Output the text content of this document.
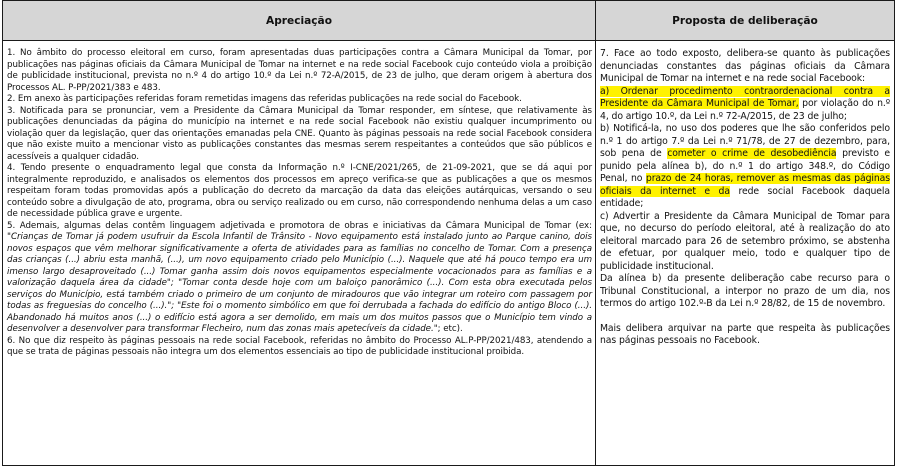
Apreciação	Proposta de deliberação

1. No âmbito do processo eleitoral em curso, foram apresentadas duas participações contra a Câmara Municipal da Tomar, por publicações nas páginas oficiais da Câmara Municipal de Tomar na internet e na rede social Facebook cujo conteúdo viola a proibição de publicidade institucional, prevista no n.º 4 do artigo 10.º da Lei n.º 72-A/2015, de 23 de julho, que deram origem à abertura dos Processos AL. P-PP/2021/383 e 483.

2. Em anexo às participações referidas foram remetidas imagens das referidas publicações na rede social do Facebook.

3. Notificada para se pronunciar, vem a Presidente da Câmara Municipal da Tomar responder, em síntese, que relativamente às publicações denunciadas da página do município na internet e na rede social Facebook não existiu qualquer incumprimento ou violação quer da legislação, quer das orientações emanadas pela CNE. Quanto às páginas pessoais na rede social Facebook considera que não existe muito a mencionar visto as publicações constantes das mesmas serem respeitantes a conteúdos que são públicos e acessíveis a qualquer cidadão.

4. Tendo presente o enquadramento legal que consta da Informação n.º I-CNE/2021/265, de 21-09-2021, que se dá aqui por integralmente reproduzido, e analisados os elementos dos processos em apreço verifica-se que as publicações a que os mesmos respeitam foram todas promovidas após a publicação do decreto da marcação da data das eleições autárquicas, versando o seu conteúdo sobre a divulgação de ato, programa, obra ou serviço realizado ou em curso, não correspondendo nenhuma delas a um caso de necessidade pública grave e urgente.

5. Ademais, algumas delas contêm linguagem adjetivada e promotora de obras e iniciativas da Câmara Municipal de Tomar (ex: "Crianças de Tomar já podem usufruir da Escola Infantil de Trânsito - Novo equipamento está instalado junto ao Parque canino, dois novos espaços que vêm melhorar significativamente a oferta de atividades para as famílias no concelho de Tomar. Com a presença das crianças (...) abriu esta manhã, (...), um novo equipamento criado pelo Município (...). Naquele que até há pouco tempo era um imenso largo desaproveitado (...) Tomar ganha assim dois novos equipamentos especialmente vocacionados para as famílias e a valorização daquela área da cidade"; "Tomar conta desde hoje com um baloiço panorâmico (...). Com esta obra executada pelos serviços do Município, está também criado o primeiro de um conjunto de miradouros que vão integrar um roteiro com passagem por todas as freguesias do concelho (...)."; "Este foi o momento simbólico em que foi derrubada a fachada do edifício do antigo Bloco (...). Abandonado há muitos anos (...) o edifício está agora a ser demolido, em mais um dos muitos passos que o Município tem vindo a desenvolver a desenvolver para transformar Flecheiro, num das zonas mais apetecíveis da cidade."; etc).

6. No que diz respeito às páginas pessoais na rede social Facebook, referidas no âmbito do Processo AL.P-PP/2021/483, atendendo a que se trata de páginas pessoais não integra um dos elementos essenciais ao tipo de publicidade institucional proibida.

7. Face ao todo exposto, delibera-se quanto às publicações denunciadas constantes das páginas oficiais da Câmara Municipal de Tomar na internet e na rede social Facebook:

a) Ordenar procedimento contraordenacional contra a Presidente da Câmara Municipal de Tomar, por violação do n.º 4, do artigo 10.º, da Lei n.º 72-A/2015, de 23 de julho;

b) Notificá-la, no uso dos poderes que lhe são conferidos pelo n.º 1 do artigo 7.º da Lei n.º 71/78, de 27 de dezembro, para, sob pena de cometer o crime de desobediência previsto e punido pela alínea b), do n.º 1 do artigo 348.º, do Código Penal, no prazo de 24 horas, remover as mesmas das páginas oficiais da internet e da rede social Facebook daquela entidade;

c) Advertir a Presidente da Câmara Municipal de Tomar para que, no decurso do período eleitoral, até à realização do ato eleitoral marcado para 26 de setembro próximo, se abstenha de efetuar, por qualquer meio, todo e qualquer tipo de publicidade institucional.

Da alínea b) da presente deliberação cabe recurso para o Tribunal Constitucional, a interpor no prazo de um dia, nos termos do artigo 102.º-B da Lei n.º 28/82, de 15 de novembro.

Mais delibera arquivar na parte que respeita às publicações nas páginas pessoais no Facebook.
